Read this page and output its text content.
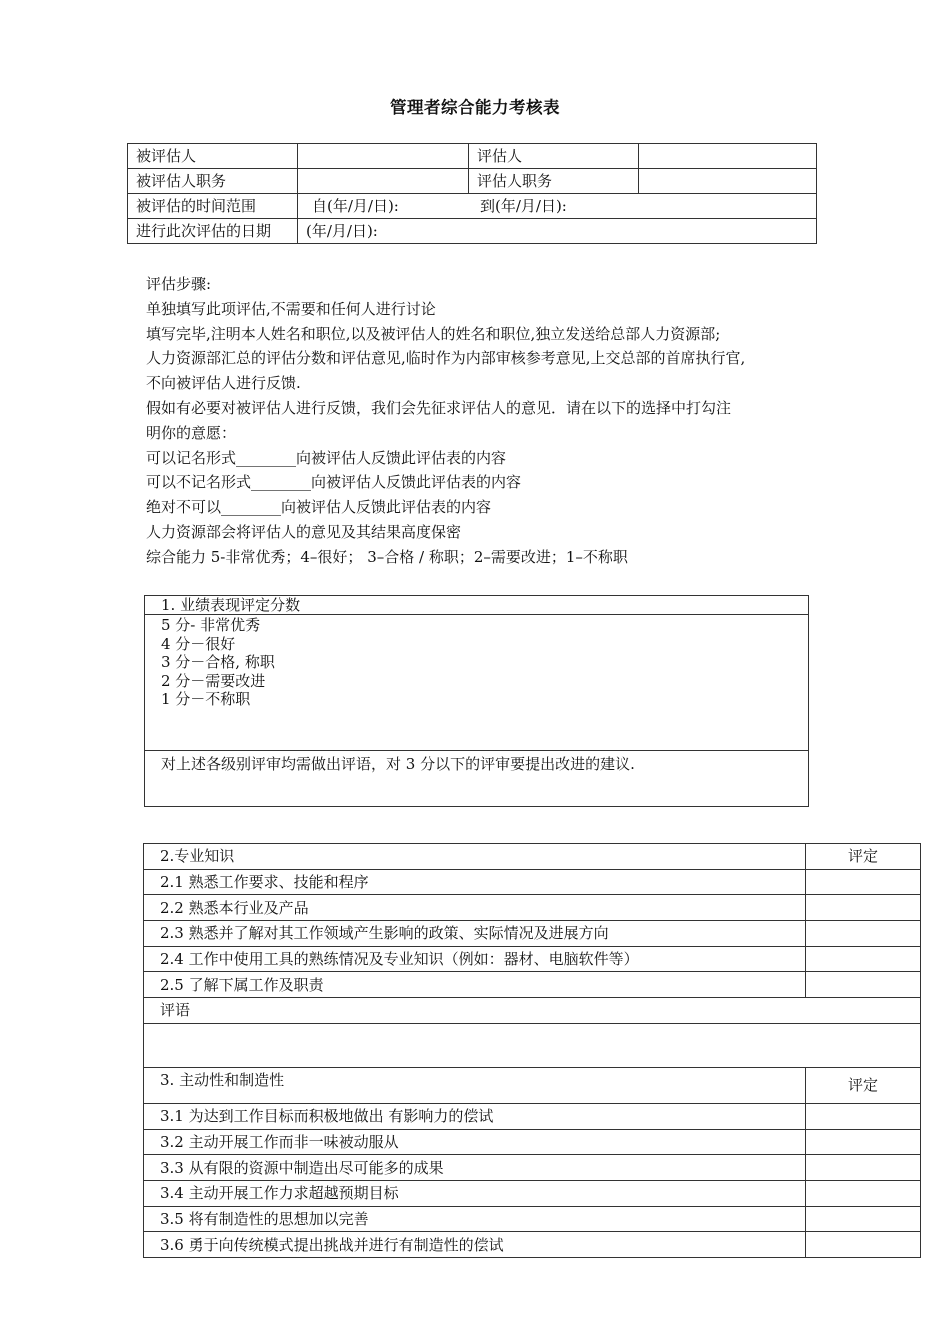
管理者综合能力考核表
被评估人		评估人	
被评估人职务		评估人职务	
被评估的时间范围	自(年/月/日): 到(年/月/日):		
进行此次评估的日期	(年/月/日):		
评估步骤:
单独填写此项评估,不需要和任何人进行讨论
填写完毕,注明本人姓名和职位,以及被评估人的姓名和职位,独立发送给总部人力资源部;
人力资源部汇总的评估分数和评估意见,临时作为内部审核参考意见,上交总部的首席执行官,
不向被评估人进行反馈.
假如有必要对被评估人进行反馈，我们会先征求评估人的意见．请在以下的选择中打勾注
明你的意愿：
可以记名形式________向被评估人反馈此评估表的内容
可以不记名形式________向被评估人反馈此评估表的内容
绝对不可以________向被评估人反馈此评估表的内容
人力资源部会将评估人的意见及其结果高度保密
综合能力 5-非常优秀；4–很好； 3–合格 / 称职；2–需要改进；1–不称职
1. 业绩表现评定分数
5 分- 非常优秀
4 分－很好
3 分－合格, 称职
2 分－需要改进
1 分－不称职
对上述各级别评审均需做出评语，对 3 分以下的评审要提出改进的建议.
2.专业知识	评定
2.1 熟悉工作要求、技能和程序	
2.2 熟悉本行业及产品	
2.3 熟悉并了解对其工作领域产生影响的政策、实际情况及进展方向	
2.4 工作中使用工具的熟练情况及专业知识（例如：器材、电脑软件等）	
2.5 了解下属工作及职责	
评语	

3. 主动性和制造性	评定
3.1 为达到工作目标而积极地做出 有影响力的偿试	
3.2 主动开展工作而非一味被动服从	
3.3 从有限的资源中制造出尽可能多的成果	
3.4 主动开展工作力求超越预期目标	
3.5 将有制造性的思想加以完善	
3.6 勇于向传统模式提出挑战并进行有制造性的偿试	
